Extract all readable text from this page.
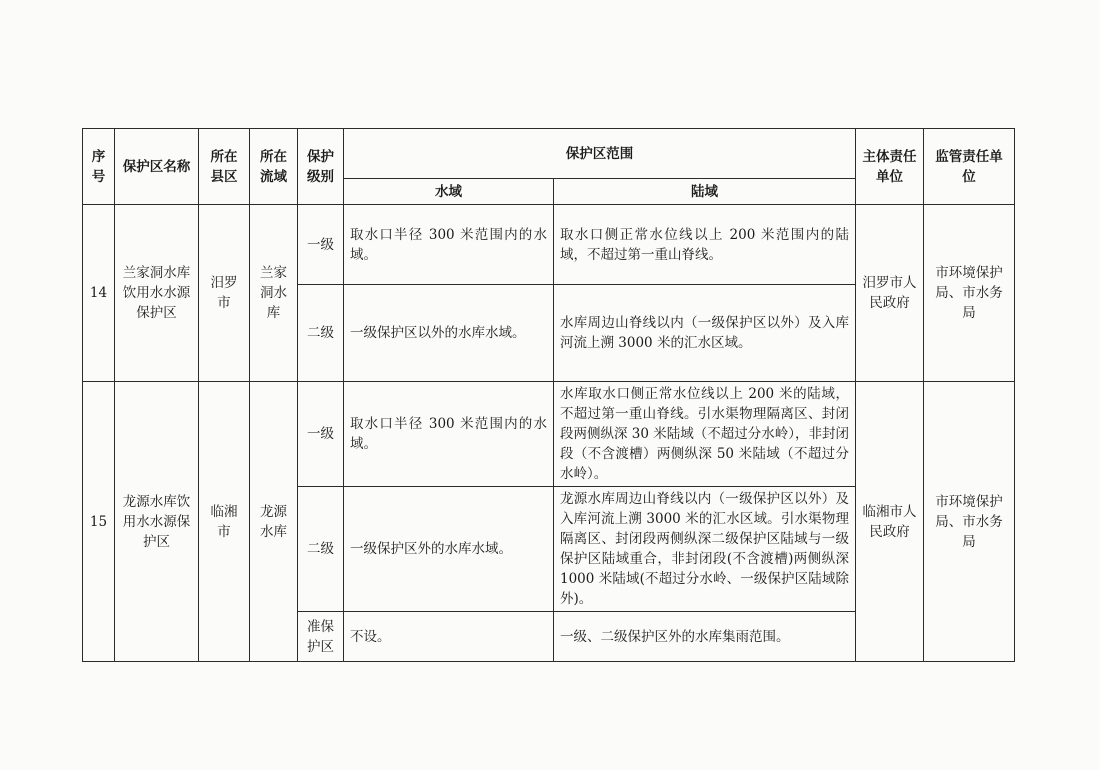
序号	保护区名称	所在县区	所在流域	保护级别	保护区范围		主体责任单位	监管责任单位
					水域	陆域		
14	兰家洞水库饮用水水源保护区	汨罗市	兰家洞水库	一级	取水口半径 300 米范围内的水域。	取水口侧正常水位线以上 200 米范围内的陆域，不超过第一重山脊线。	汨罗市人民政府	市环境保护局、市水务局
				二级	一级保护区以外的水库水域。	水库周边山脊线以内（一级保护区以外）及入库河流上溯 3000 米的汇水区域。		
15	龙源水库饮用水水源保护区	临湘市	龙源水库	一级	取水口半径 300 米范围内的水域。	水库取水口侧正常水位线以上 200 米的陆域，不超过第一重山脊线。引水渠物理隔离区、封闭段两侧纵深 30 米陆域（不超过分水岭），非封闭段（不含渡槽）两侧纵深 50 米陆域（不超过分水岭）。	临湘市人民政府	市环境保护局、市水务局
				二级	一级保护区外的水库水域。	龙源水库周边山脊线以内（一级保护区以外）及入库河流上溯 3000 米的汇水区域。引水渠物理隔离区、封闭段两侧纵深二级保护区陆域与一级保护区陆域重合，非封闭段(不含渡槽)两侧纵深 1000 米陆域(不超过分水岭、一级保护区陆域除外)。		
				准保护区	不设。	一级、二级保护区外的水库集雨范围。		
